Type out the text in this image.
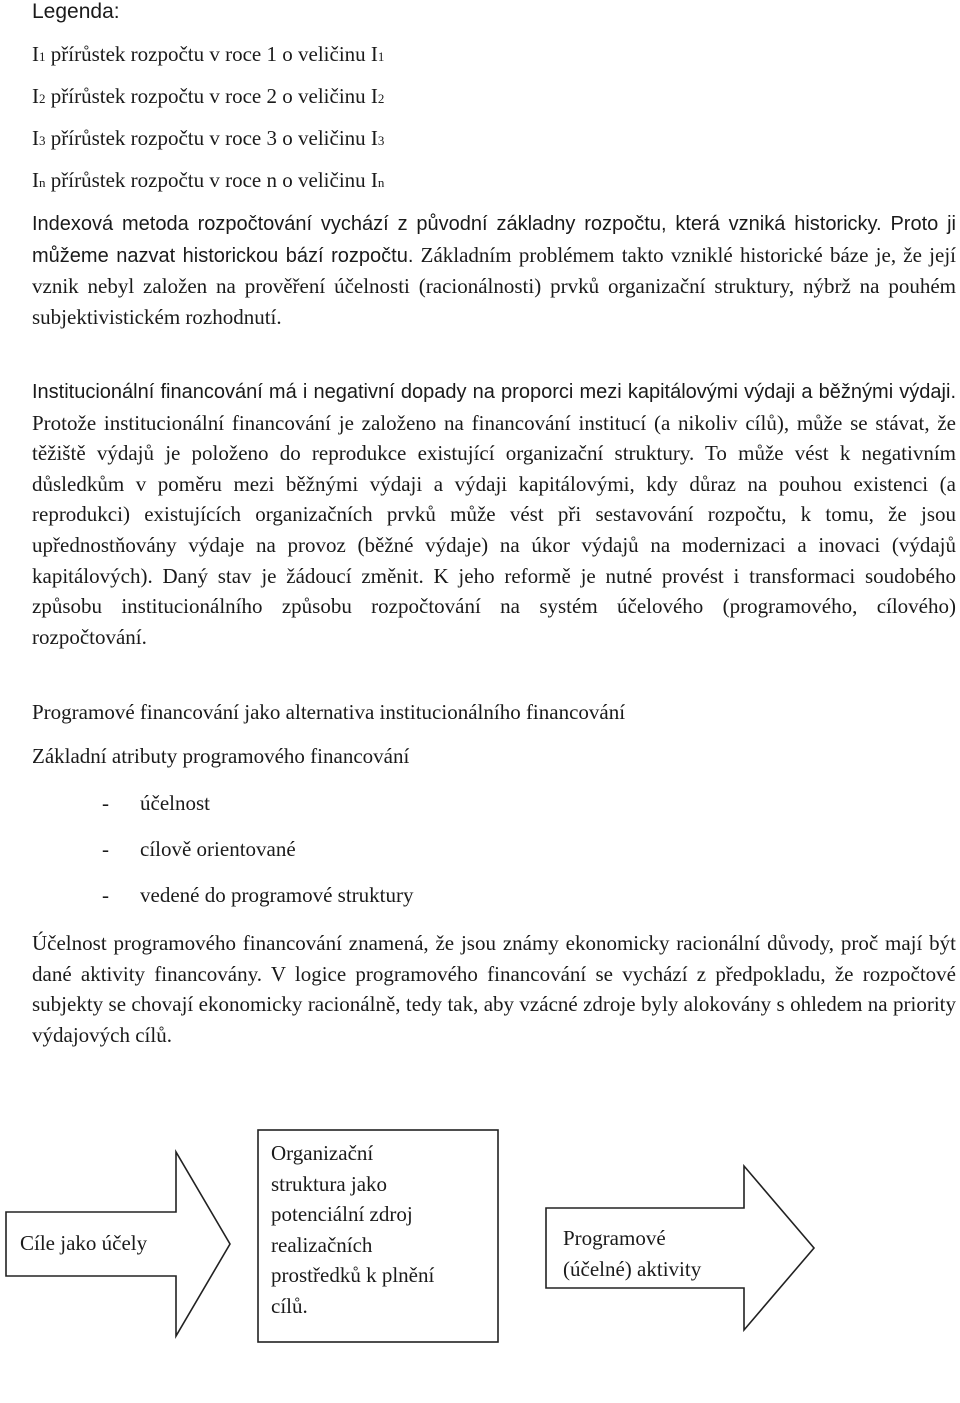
Legenda:
I1 přírůstek rozpočtu v roce 1 o veličinu I1
I2 přírůstek rozpočtu v roce 2 o veličinu I2
I3 přírůstek rozpočtu v roce 3 o veličinu I3
In přírůstek rozpočtu v roce n o veličinu In
Indexová metoda rozpočtování vychází z původní základny rozpočtu, která vzniká historicky. Proto ji můžeme nazvat historickou bází rozpočtu. Základním problémem takto vzniklé historické báze je, že její vznik nebyl založen na prověření účelnosti (racionálnosti) prvků organizační struktury, nýbrž na pouhém subjektivistickém rozhodnutí.
Institucionální financování má i negativní dopady na proporci mezi kapitálovými výdaji a běžnými výdaji. Protože institucionální financování je založeno na financování institucí (a nikoliv cílů), může se stávat, že těžiště výdajů je položeno do reprodukce existující organizační struktury. To může vést k negativním důsledkům v poměru mezi běžnými výdaji a výdaji kapitálovými, kdy důraz na pouhou existenci (a reprodukci) existujících organizačních prvků může vést při sestavování rozpočtu, k tomu, že jsou upřednostňovány výdaje na provoz (běžné výdaje) na úkor výdajů na modernizaci a inovaci (výdajů kapitálových). Daný stav je žádoucí změnit. K jeho reformě je nutné provést i transformaci soudobého způsobu institucionálního způsobu rozpočtování na systém účelového (programového, cílového) rozpočtování.
Programové financování jako alternativa institucionálního financování
Základní atributy programového financování
- účelnost
- cílově orientované
- vedené do programové struktury
Účelnost programového financování znamená, že jsou známy ekonomicky racionální důvody, proč mají být dané aktivity financovány. V logice programového financování se vychází z předpokladu, že rozpočtové subjekty se chovají ekonomicky racionálně, tedy tak, aby vzácné zdroje byly alokovány s ohledem na priority výdajových cílů.
Cíle jako účely
Organizační
struktura jako
potenciální zdroj
realizačních
prostředků k plnění
cílů.
Programové
(účelné) aktivity
